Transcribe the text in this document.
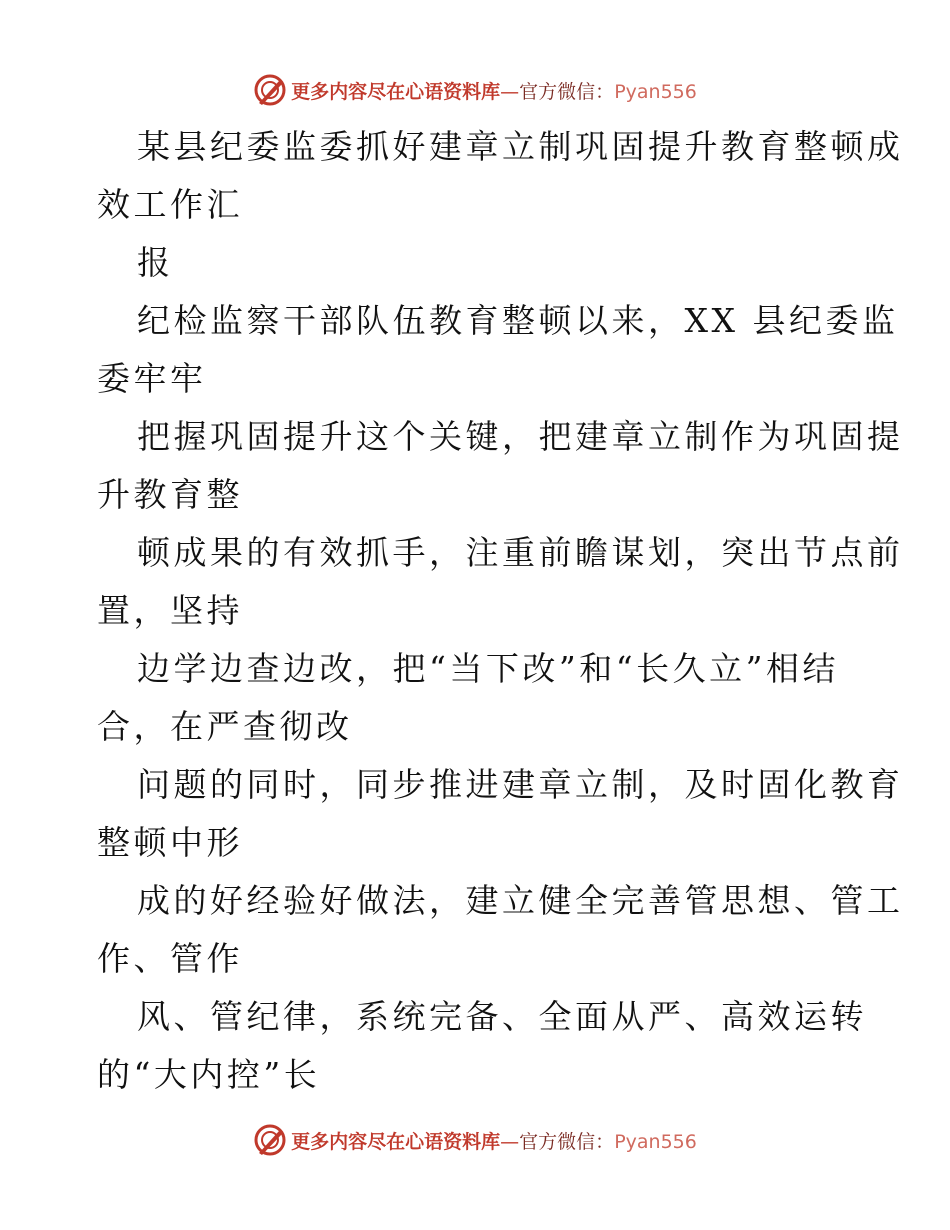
更多内容尽在心语资料库—官方微信：Pyan556
某县纪委监委抓好建章立制巩固提升教育整顿成
效工作汇
报
纪检监察干部队伍教育整顿以来，XX 县纪委监
委牢牢
把握巩固提升这个关键，把建章立制作为巩固提
升教育整
顿成果的有效抓手，注重前瞻谋划，突出节点前
置，坚持
边学边查边改，把“当下改”和“长久立”相结
合，在严查彻改
问题的同时，同步推进建章立制，及时固化教育
整顿中形
成的好经验好做法，建立健全完善管思想、管工
作、管作
风、管纪律，系统完备、全面从严、高效运转
的“大内控”长
更多内容尽在心语资料库—官方微信：Pyan556
